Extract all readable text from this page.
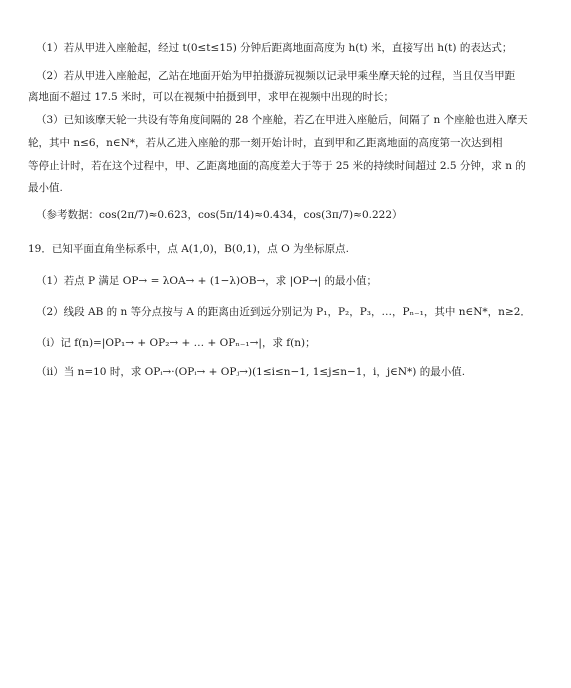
（1）若从甲进入座舱起，经过 t(0≤t≤15) 分钟后距离地面高度为 h(t) 米，直接写出 h(t) 的表达式；
（2）若从甲进入座舱起，乙站在地面开始为甲拍摄游玩视频以记录甲乘坐摩天轮的过程，当且仅当甲距
离地面不超过 17.5 米时，可以在视频中拍摄到甲，求甲在视频中出现的时长；
（3）已知该摩天轮一共设有等角度间隔的 28 个座舱，若乙在甲进入座舱后，间隔了 n 个座舱也进入摩天
轮，其中 n≤6，n∈N*，若从乙进入座舱的那一刻开始计时，直到甲和乙距离地面的高度第一次达到相
等停止计时，若在这个过程中，甲、乙距离地面的高度差大于等于 25 米的持续时间超过 2.5 分钟，求 n 的
最小值.
（参考数据：cos(2π/7)≈0.623，cos(5π/14)≈0.434，cos(3π/7)≈0.222）
19．已知平面直角坐标系中，点 A(1,0)，B(0,1)，点 O 为坐标原点.
（1）若点 P 满足 OP→ = λOA→ + (1−λ)OB→，求 |OP→| 的最小值；
（2）线段 AB 的 n 等分点按与 A 的距离由近到远分别记为 P₁，P₂，P₃，…，Pₙ₋₁，其中 n∈N*，n≥2．
（i）记 f(n)=|OP₁→ + OP₂→ + … + OPₙ₋₁→|，求 f(n)；
（ii）当 n=10 时，求 OPᵢ→·(OPᵢ→ + OPⱼ→)(1≤i≤n−1, 1≤j≤n−1，i，j∈N*) 的最小值.
